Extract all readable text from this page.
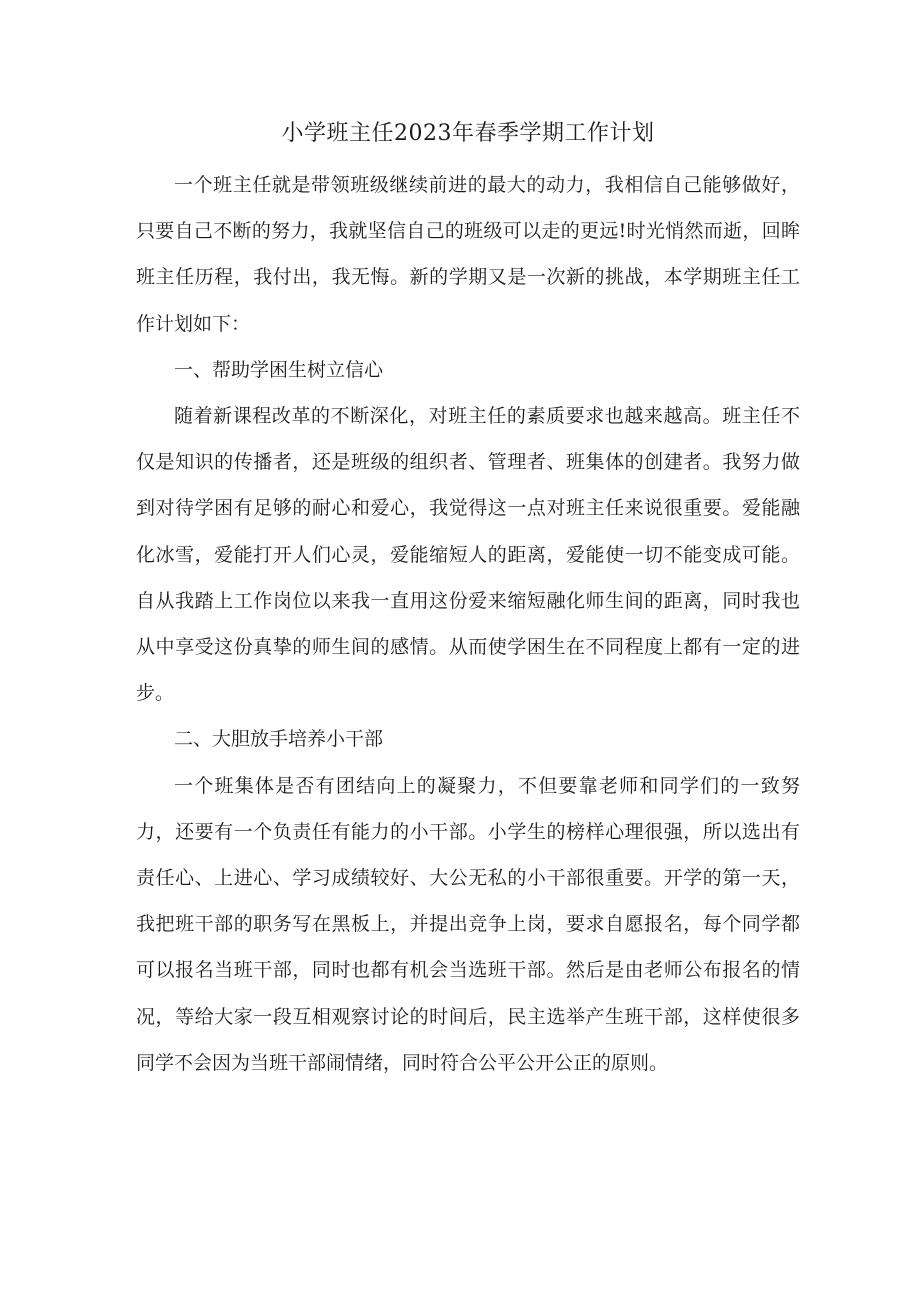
小学班主任2023年春季学期工作计划

一个班主任就是带领班级继续前进的最大的动力，我相信自己能够做好，只要自己不断的努力，我就坚信自己的班级可以走的更远!时光悄然而逝，回眸班主任历程，我付出，我无悔。新的学期又是一次新的挑战，本学期班主任工作计划如下：

一、帮助学困生树立信心

随着新课程改革的不断深化，对班主任的素质要求也越来越高。班主任不仅是知识的传播者，还是班级的组织者、管理者、班集体的创建者。我努力做到对待学困有足够的耐心和爱心，我觉得这一点对班主任来说很重要。爱能融化冰雪，爱能打开人们心灵，爱能缩短人的距离，爱能使一切不能变成可能。自从我踏上工作岗位以来我一直用这份爱来缩短融化师生间的距离，同时我也从中享受这份真挚的师生间的感情。从而使学困生在不同程度上都有一定的进步。

二、大胆放手培养小干部

一个班集体是否有团结向上的凝聚力，不但要靠老师和同学们的一致努力，还要有一个负责任有能力的小干部。小学生的榜样心理很强，所以选出有责任心、上进心、学习成绩较好、大公无私的小干部很重要。开学的第一天，我把班干部的职务写在黑板上，并提出竞争上岗，要求自愿报名，每个同学都可以报名当班干部，同时也都有机会当选班干部。然后是由老师公布报名的情况，等给大家一段互相观察讨论的时间后，民主选举产生班干部，这样使很多同学不会因为当班干部闹情绪，同时符合公平公开公正的原则。
